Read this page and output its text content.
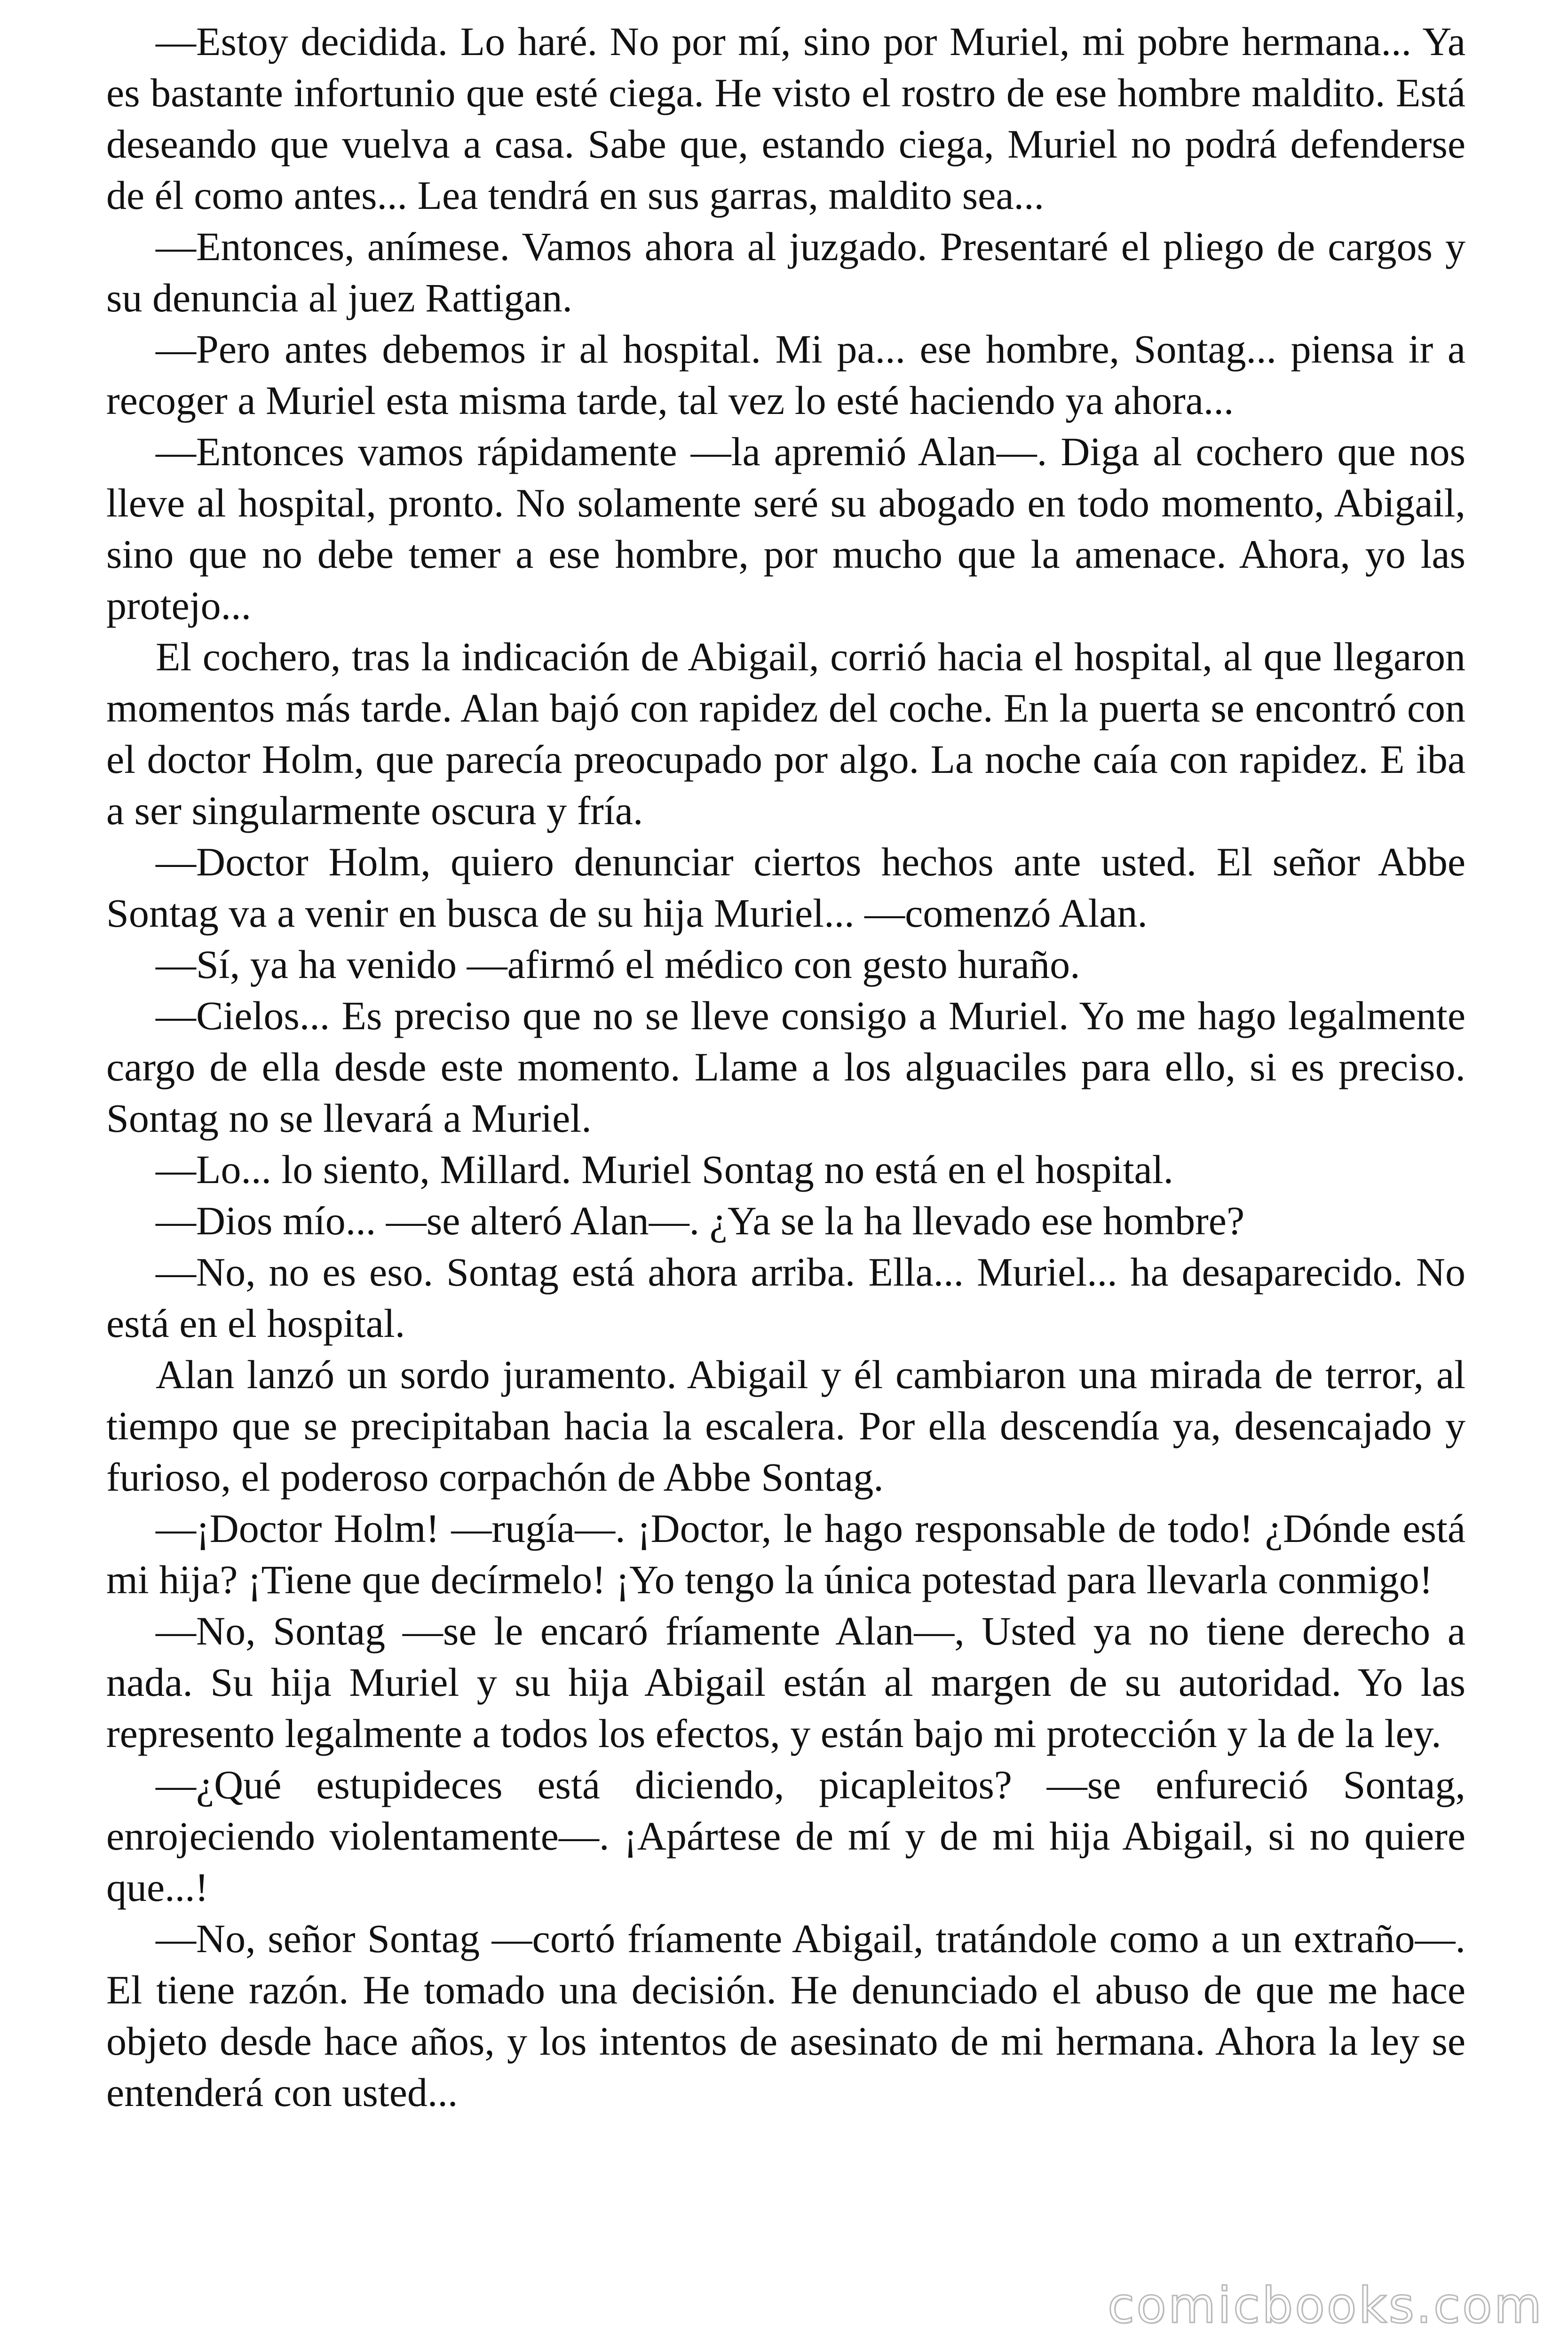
—Estoy decidida. Lo haré. No por mí, sino por Muriel, mi pobre hermana... Ya es bastante infortunio que esté ciega. He visto el rostro de ese hombre maldito. Está deseando que vuelva a casa. Sabe que, estando ciega, Muriel no podrá defenderse de él como antes... Lea tendrá en sus garras, maldito sea...

—Entonces, anímese. Vamos ahora al juzgado. Presentaré el pliego de cargos y su denuncia al juez Rattigan.

—Pero antes debemos ir al hospital. Mi pa... ese hombre, Sontag... piensa ir a recoger a Muriel esta misma tarde, tal vez lo esté haciendo ya ahora...

—Entonces vamos rápidamente —la apremió Alan—. Diga al cochero que nos lleve al hospital, pronto. No solamente seré su abogado en todo momento, Abigail, sino que no debe temer a ese hombre, por mucho que la amenace. Ahora, yo las protejo...

El cochero, tras la indicación de Abigail, corrió hacia el hospital, al que llegaron momentos más tarde. Alan bajó con rapidez del coche. En la puerta se encontró con el doctor Holm, que parecía preocupado por algo. La noche caía con rapidez. E iba a ser singularmente oscura y fría.

—Doctor Holm, quiero denunciar ciertos hechos ante usted. El señor Abbe Sontag va a venir en busca de su hija Muriel... —comenzó Alan.

—Sí, ya ha venido —afirmó el médico con gesto huraño.

—Cielos... Es preciso que no se lleve consigo a Muriel. Yo me hago legalmente cargo de ella desde este momento. Llame a los alguaciles para ello, si es preciso. Sontag no se llevará a Muriel.

—Lo... lo siento, Millard. Muriel Sontag no está en el hospital.

—Dios mío... —se alteró Alan—. ¿Ya se la ha llevado ese hombre?

—No, no es eso. Sontag está ahora arriba. Ella... Muriel... ha desaparecido. No está en el hospital.

Alan lanzó un sordo juramento. Abigail y él cambiaron una mirada de terror, al tiempo que se precipitaban hacia la escalera. Por ella descendía ya, desencajado y furioso, el poderoso corpachón de Abbe Sontag.

—¡Doctor Holm! —rugía—. ¡Doctor, le hago responsable de todo! ¿Dónde está mi hija? ¡Tiene que decírmelo! ¡Yo tengo la única potestad para llevarla conmigo!

—No, Sontag —se le encaró fríamente Alan—, Usted ya no tiene derecho a nada. Su hija Muriel y su hija Abigail están al margen de su autoridad. Yo las represento legalmente a todos los efectos, y están bajo mi protección y la de la ley.

—¿Qué estupideces está diciendo, picapleitos? —se enfureció Sontag, enrojeciendo violentamente—. ¡Apártese de mí y de mi hija Abigail, si no quiere que...!

—No, señor Sontag —cortó fríamente Abigail, tratándole como a un extraño—. El tiene razón. He tomado una decisión. He denunciado el abuso de que me hace objeto desde hace años, y los intentos de asesinato de mi hermana. Ahora la ley se entenderá con usted...

comicbooks.com
